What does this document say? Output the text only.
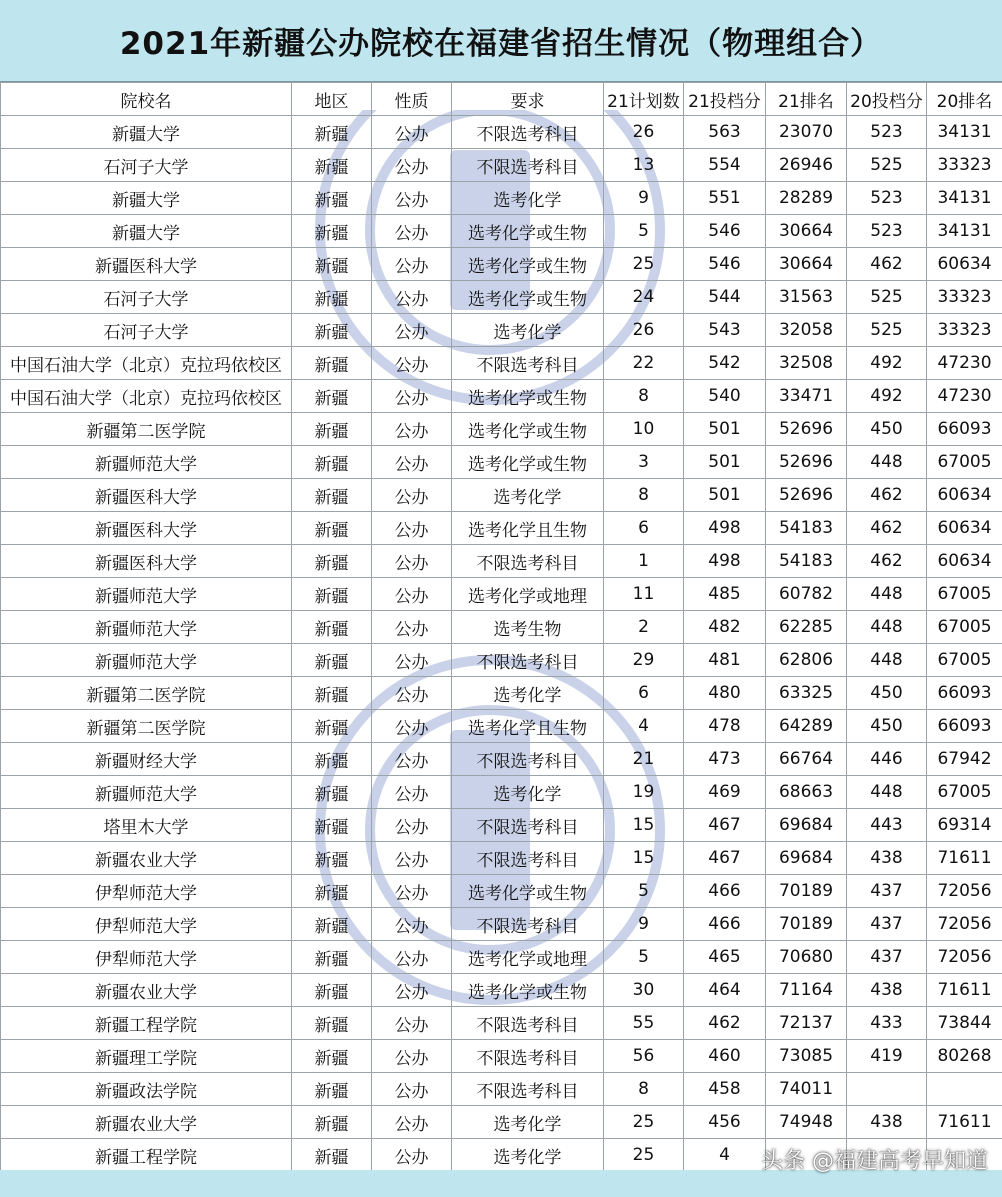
2021年新疆公办院校在福建省招生情况（物理组合）
院校名	地区	性质	要求	21计划数	21投档分	21排名	20投档分	20排名
新疆大学	新疆	公办	不限选考科目	26	563	23070	523	34131
石河子大学	新疆	公办	不限选考科目	13	554	26946	525	33323
新疆大学	新疆	公办	选考化学	9	551	28289	523	34131
新疆大学	新疆	公办	选考化学或生物	5	546	30664	523	34131
新疆医科大学	新疆	公办	选考化学或生物	25	546	30664	462	60634
石河子大学	新疆	公办	选考化学或生物	24	544	31563	525	33323
石河子大学	新疆	公办	选考化学	26	543	32058	525	33323
中国石油大学（北京）克拉玛依校区	新疆	公办	不限选考科目	22	542	32508	492	47230
中国石油大学（北京）克拉玛依校区	新疆	公办	选考化学或生物	8	540	33471	492	47230
新疆第二医学院	新疆	公办	选考化学或生物	10	501	52696	450	66093
新疆师范大学	新疆	公办	选考化学或生物	3	501	52696	448	67005
新疆医科大学	新疆	公办	选考化学	8	501	52696	462	60634
新疆医科大学	新疆	公办	选考化学且生物	6	498	54183	462	60634
新疆医科大学	新疆	公办	不限选考科目	1	498	54183	462	60634
新疆师范大学	新疆	公办	选考化学或地理	11	485	60782	448	67005
新疆师范大学	新疆	公办	选考生物	2	482	62285	448	67005
新疆师范大学	新疆	公办	不限选考科目	29	481	62806	448	67005
新疆第二医学院	新疆	公办	选考化学	6	480	63325	450	66093
新疆第二医学院	新疆	公办	选考化学且生物	4	478	64289	450	66093
新疆财经大学	新疆	公办	不限选考科目	21	473	66764	446	67942
新疆师范大学	新疆	公办	选考化学	19	469	68663	448	67005
塔里木大学	新疆	公办	不限选考科目	15	467	69684	443	69314
新疆农业大学	新疆	公办	不限选考科目	15	467	69684	438	71611
伊犁师范大学	新疆	公办	选考化学或生物	5	466	70189	437	72056
伊犁师范大学	新疆	公办	不限选考科目	9	466	70189	437	72056
伊犁师范大学	新疆	公办	选考化学或地理	5	465	70680	437	72056
新疆农业大学	新疆	公办	选考化学或生物	30	464	71164	438	71611
新疆工程学院	新疆	公办	不限选考科目	55	462	72137	433	73844
新疆理工学院	新疆	公办	不限选考科目	56	460	73085	419	80268
新疆政法学院	新疆	公办	不限选考科目	8	458	74011		
新疆农业大学	新疆	公办	选考化学	25	456	74948	438	71611
新疆工程学院	新疆	公办	选考化学	25	4			头条 @福建高考早知道
